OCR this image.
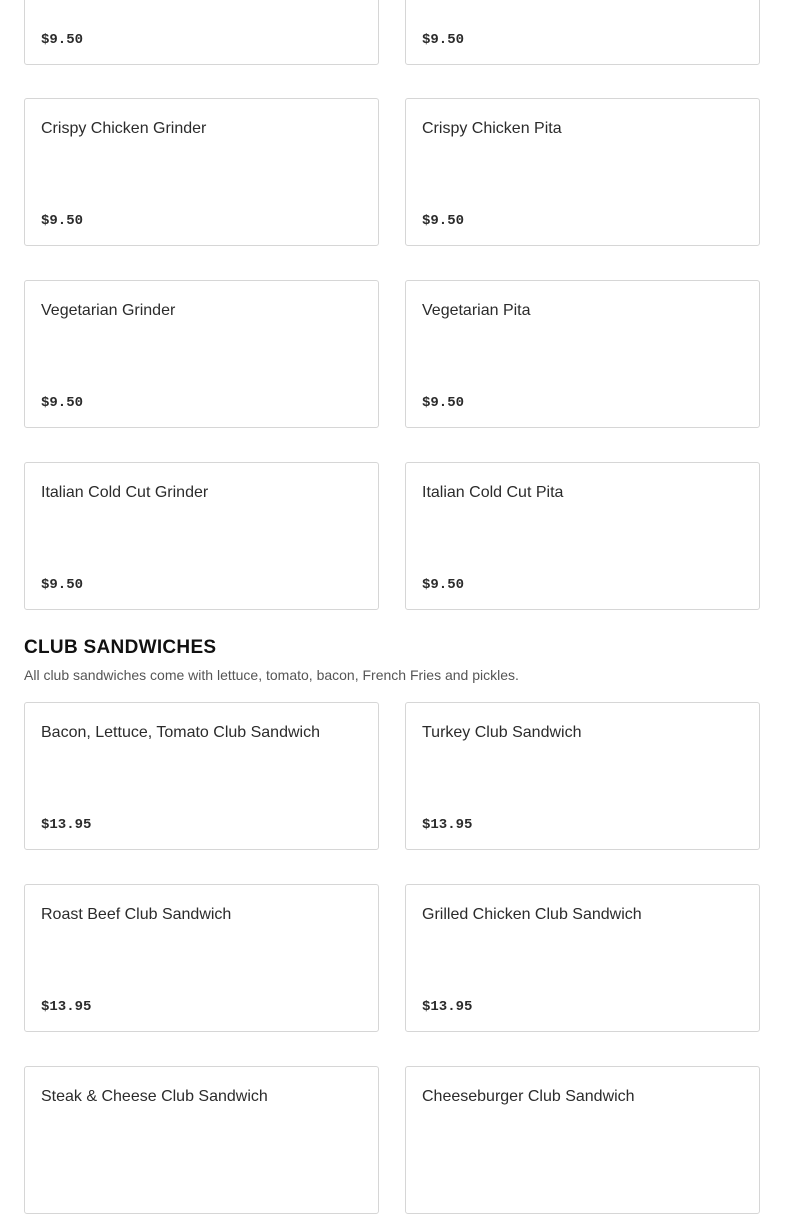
$9.50	$9.50
Crispy Chicken Grinder
$9.50
Crispy Chicken Pita
$9.50
Vegetarian Grinder
$9.50
Vegetarian Pita
$9.50
Italian Cold Cut Grinder
$9.50
Italian Cold Cut Pita
$9.50
CLUB SANDWICHES

All club sandwiches come with lettuce, tomato, bacon, French Fries and pickles.

Bacon, Lettuce, Tomato Club Sandwich
$13.95
Turkey Club Sandwich
$13.95
Roast Beef Club Sandwich
$13.95
Grilled Chicken Club Sandwich
$13.95
Steak & Cheese Club Sandwich	Cheeseburger Club Sandwich
